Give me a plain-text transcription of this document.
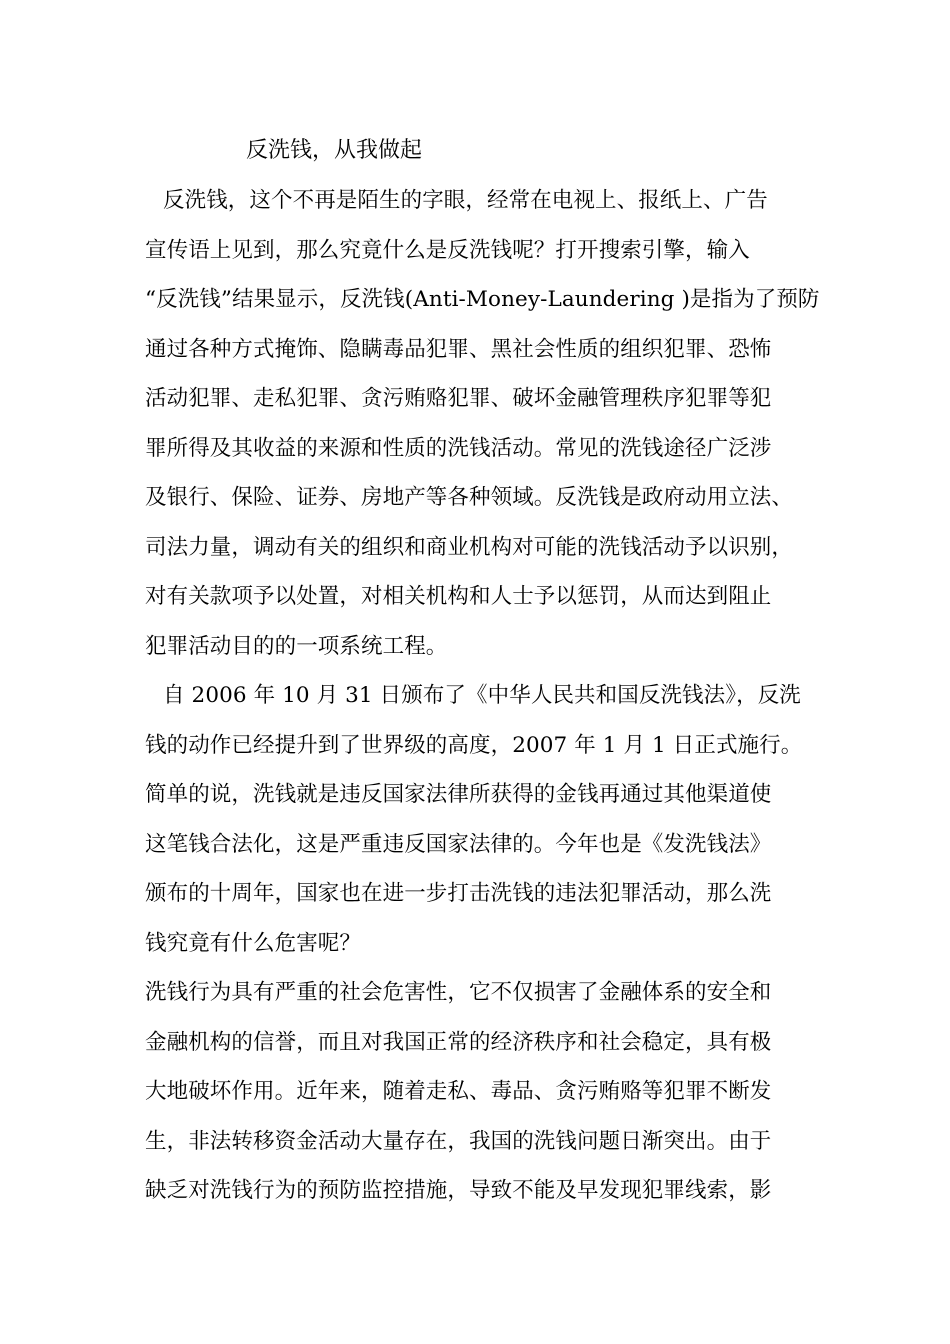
反洗钱，从我做起
反洗钱，这个不再是陌生的字眼，经常在电视上、报纸上、广告
宣传语上见到，那么究竟什么是反洗钱呢？打开搜索引擎，输入
“反洗钱”结果显示，反洗钱(Anti-Money-Laundering )是指为了预防
通过各种方式掩饰、隐瞒毒品犯罪、黑社会性质的组织犯罪、恐怖
活动犯罪、走私犯罪、贪污贿赂犯罪、破坏金融管理秩序犯罪等犯
罪所得及其收益的来源和性质的洗钱活动。常见的洗钱途径广泛涉
及银行、保险、证券、房地产等各种领域。反洗钱是政府动用立法、
司法力量，调动有关的组织和商业机构对可能的洗钱活动予以识别，
对有关款项予以处置，对相关机构和人士予以惩罚，从而达到阻止
犯罪活动目的的一项系统工程。
自 2006 年 10 月 31 日颁布了《中华人民共和国反洗钱法》，反洗
钱的动作已经提升到了世界级的高度，2007 年 1 月 1 日正式施行。
简单的说，洗钱就是违反国家法律所获得的金钱再通过其他渠道使
这笔钱合法化，这是严重违反国家法律的。今年也是《发洗钱法》
颁布的十周年，国家也在进一步打击洗钱的违法犯罪活动，那么洗
钱究竟有什么危害呢？
洗钱行为具有严重的社会危害性，它不仅损害了金融体系的安全和
金融机构的信誉，而且对我国正常的经济秩序和社会稳定，具有极
大地破坏作用。近年来，随着走私、毒品、贪污贿赂等犯罪不断发
生，非法转移资金活动大量存在，我国的洗钱问题日渐突出。由于
缺乏对洗钱行为的预防监控措施，导致不能及早发现犯罪线索，影
